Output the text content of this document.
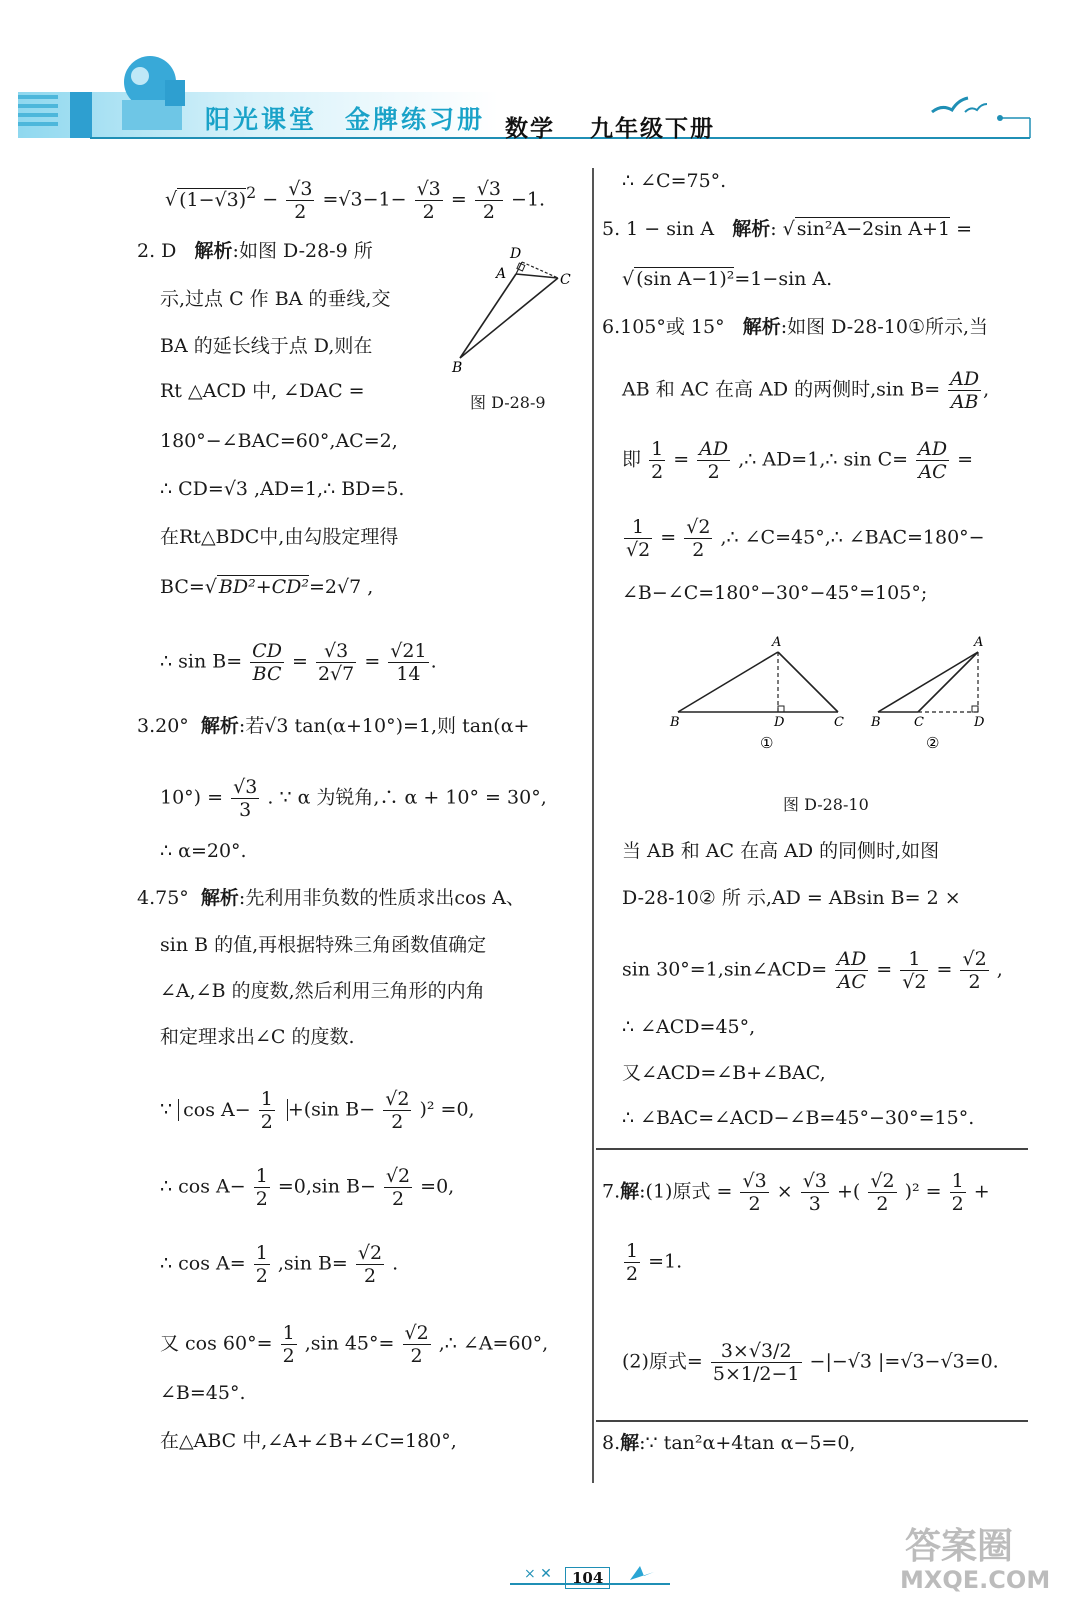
阳光课堂 金牌练习册 数学 九年级下册
√ $(1-√3)^2 - \frac{√3}{2} =√3-1- \frac{√3}{2} = \frac{√3}{2} -1$.
2. D 解析:如图 D-28-9 所
示,过点 C 作 BA 的垂线,交
BA 的延长线于点 D,则在
Rt △ACD 中, ∠DAC =
180°−∠BAC=60°,AC=2,
∴ CD=√3 ,AD=1,∴ BD=5.
在Rt△BDC中,由勾股定理得
BC=√ BD²+CD²=2√7 ,
∴ $\sin B= \frac{CD}{BC} = \frac{√3}{2√7} = \frac{√21}{14}$ .
D
A	C
B
图 D-28-9
3.20° 解析:若√3 tan(α+10°)=1,则 tan(α+
$10^\circ) = \frac{√3}{3}$ . ∵ α 为锐角,∴ α + 10° = 30°,
∴ α=20°.
4.75° 解析:先利用非负数的性质求出cos A、
sin B 的值,再根据特殊三角函数值确定
∠A,∠B 的度数,然后利用三角形的内角
和定理求出∠C 的度数.
∵ $\cos A- \frac{1}{2} +(\sin$ $B- \frac{√2}{2} )^2 =0$,
∴ $\cos A- \frac{1}{2} =0,\sin$ $B- \frac{√2}{2} =0$,
∴ $\cos A= \frac{1}{2} ,\sin$ $B= \frac{√2}{2}$ .
又 $\cos 60^\circ= \frac{1}{2} ,\sin$ $45^\circ= \frac{√2}{2}$ ,∴ ∠A=60°,
∠B=45°.
在△ABC 中,∠A+∠B+∠C=180°,
∴ ∠C=75°.
5. 1 − sin A 解析: √ sin²A−2sin A+1 =
√ (sin A−1)²=1−sin A.
6.105°或 15° 解析:如图 D-28-10①所示,当
AB 和 AC 在高 AD 的两侧时,sin $B= \frac{AD}{AB}$ ,
即 $\frac{1}{2} = \frac{AD}{2}$ ,∴ AD=1,∴ $\sin C= \frac{AD}{AC}$ =
$\frac{1}{√2} = \frac{√2}{2}$ ,∴ ∠C=45°,∴ ∠BAC=180°−
∠B−∠C=180°−30°−45°=105°;
A
B	D	C
①
A
B	C	D
②
图 D-28-10
当 AB 和 AC 在高 AD 的同侧时,如图
D-28-10② 所 示,AD = ABsin B= 2 ×
sin 30°=1,sin∠ACD= $\frac{AD}{AC} = \frac{1}{√2} = \frac{√2}{2}$ ,
∴ ∠ACD=45°,
又∠ACD=∠B+∠BAC,
∴ ∠BAC=∠ACD−∠B=45°−30°=15°.
7.解:(1)原式 = $\frac{√3}{2} \times \frac{√3}{3}$ +( $\frac{√2}{2} )^2 = \frac{1}{2}$ +
$\frac{1}{2} =1$.
(2)原式= $\frac{3\times√3/2}{5\times 1/2-1} -|-√3$ |=√3−√3=0.
8.解:∵ tan²α+4tan α−5=0,
× ✕	104
答案圈
MXQE.COM
